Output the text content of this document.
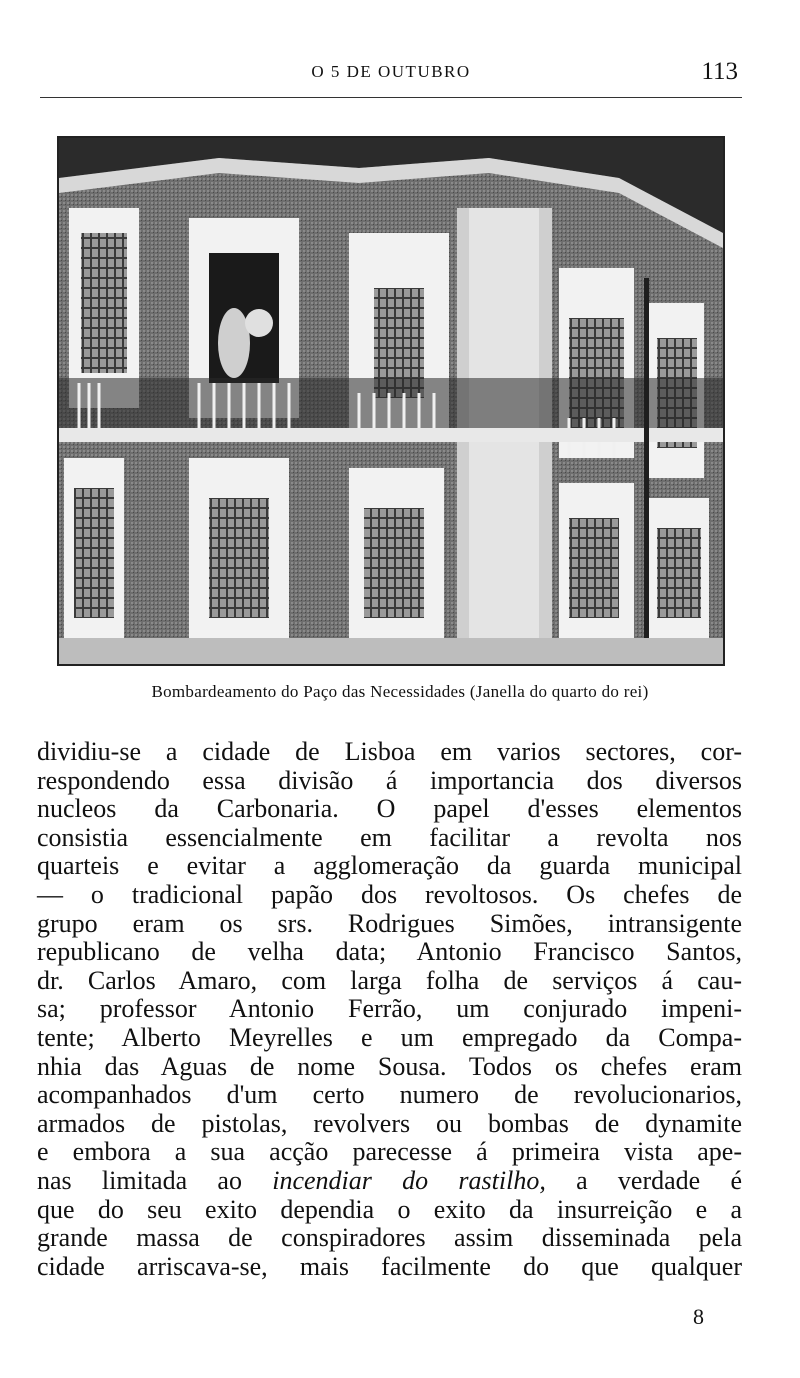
O 5 DE OUTUBRO	113
Bombardeamento do Paço das Necessidades (Janella do quarto do rei)
dividiu-se a cidade de Lisboa em varios sectores, cor-
respondendo essa divisão á importancia dos diversos
nucleos da Carbonaria. O papel d'esses elementos
consistia essencialmente em facilitar a revolta nos
quarteis e evitar a agglomeração da guarda municipal
— o tradicional papão dos revoltosos. Os chefes de
grupo eram os srs. Rodrigues Simões, intransigente
republicano de velha data; Antonio Francisco Santos,
dr. Carlos Amaro, com larga folha de serviços á cau-
sa; professor Antonio Ferrão, um conjurado impeni-
tente; Alberto Meyrelles e um empregado da Compa-
nhia das Aguas de nome Sousa. Todos os chefes eram
acompanhados d'um certo numero de revolucionarios,
armados de pistolas, revolvers ou bombas de dynamite
e embora a sua acção parecesse á primeira vista ape-
nas limitada ao incendiar do rastilho, a verdade é
que do seu exito dependia o exito da insurreição e a
grande massa de conspiradores assim disseminada pela
cidade arriscava-se, mais facilmente do que qualquer
8
